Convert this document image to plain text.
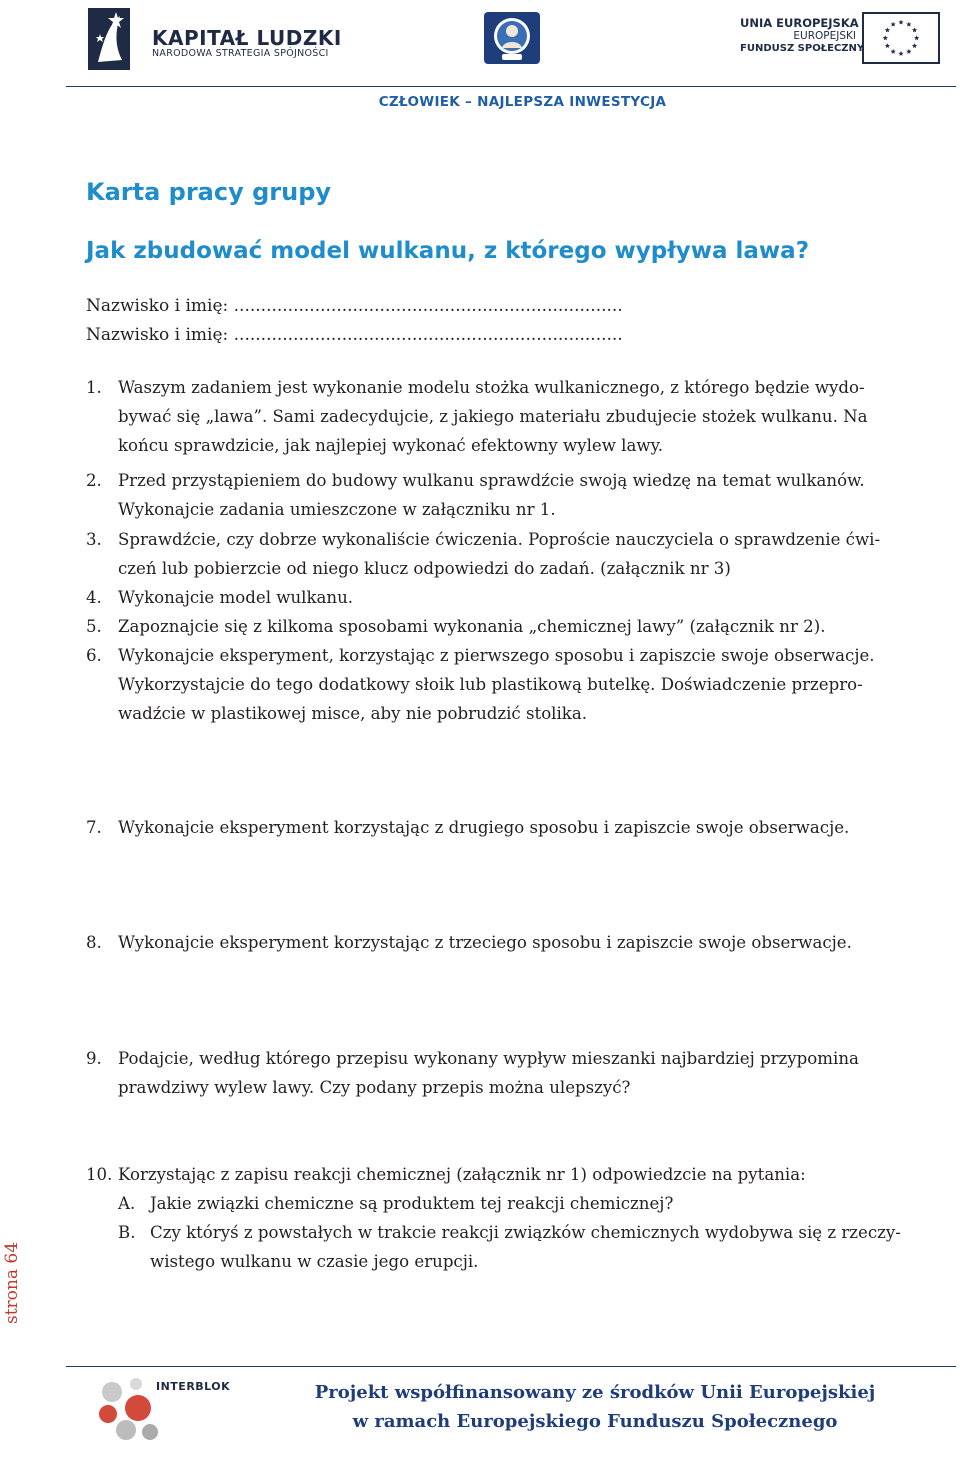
KAPITAŁ LUDZKI
NARODOWA STRATEGIA SPÓJNOŚCI
UNIA EUROPEJSKA
EUROPEJSKI
FUNDUSZ SPOŁECZNY
CZŁOWIEK – NAJLEPSZA INWESTYCJA
Karta pracy grupy
Jak zbudować model wulkanu, z którego wypływa lawa?
Nazwisko i imię: ........................................................................
Nazwisko i imię: ........................................................................
1. Waszym zadaniem jest wykonanie modelu stożka wulkanicznego, z którego będzie wydo-
bywać się „lawa”. Sami zadecydujcie, z jakiego materiału zbudujecie stożek wulkanu. Na
końcu sprawdzicie, jak najlepiej wykonać efektowny wylew lawy.
2. Przed przystąpieniem do budowy wulkanu sprawdźcie swoją wiedzę na temat wulkanów.
Wykonajcie zadania umieszczone w załączniku nr 1.
3. Sprawdźcie, czy dobrze wykonaliście ćwiczenia. Poproście nauczyciela o sprawdzenie ćwi-
czeń lub pobierzcie od niego klucz odpowiedzi do zadań. (załącznik nr 3)
4. Wykonajcie model wulkanu.
5. Zapoznajcie się z kilkoma sposobami wykonania „chemicznej lawy” (załącznik nr 2).
6. Wykonajcie eksperyment, korzystając z pierwszego sposobu i zapiszcie swoje obserwacje.
Wykorzystajcie do tego dodatkowy słoik lub plastikową butelkę. Doświadczenie przepro-
wadźcie w plastikowej misce, aby nie pobrudzić stolika.
7. Wykonajcie eksperyment korzystając z drugiego sposobu i zapiszcie swoje obserwacje.
8. Wykonajcie eksperyment korzystając z trzeciego sposobu i zapiszcie swoje obserwacje.
9. Podajcie, według którego przepisu wykonany wypływ mieszanki najbardziej przypomina
prawdziwy wylew lawy. Czy podany przepis można ulepszyć?
10. Korzystając z zapisu reakcji chemicznej (załącznik nr 1) odpowiedzcie na pytania:
A. Jakie związki chemiczne są produktem tej reakcji chemicznej?
B. Czy któryś z powstałych w trakcie reakcji związków chemicznych wydobywa się z rzeczy-
wistego wulkanu w czasie jego erupcji.
strona 64
INTERBLOK	Projekt współfinansowany ze środków Unii Europejskiej
w ramach Europejskiego Funduszu Społecznego
